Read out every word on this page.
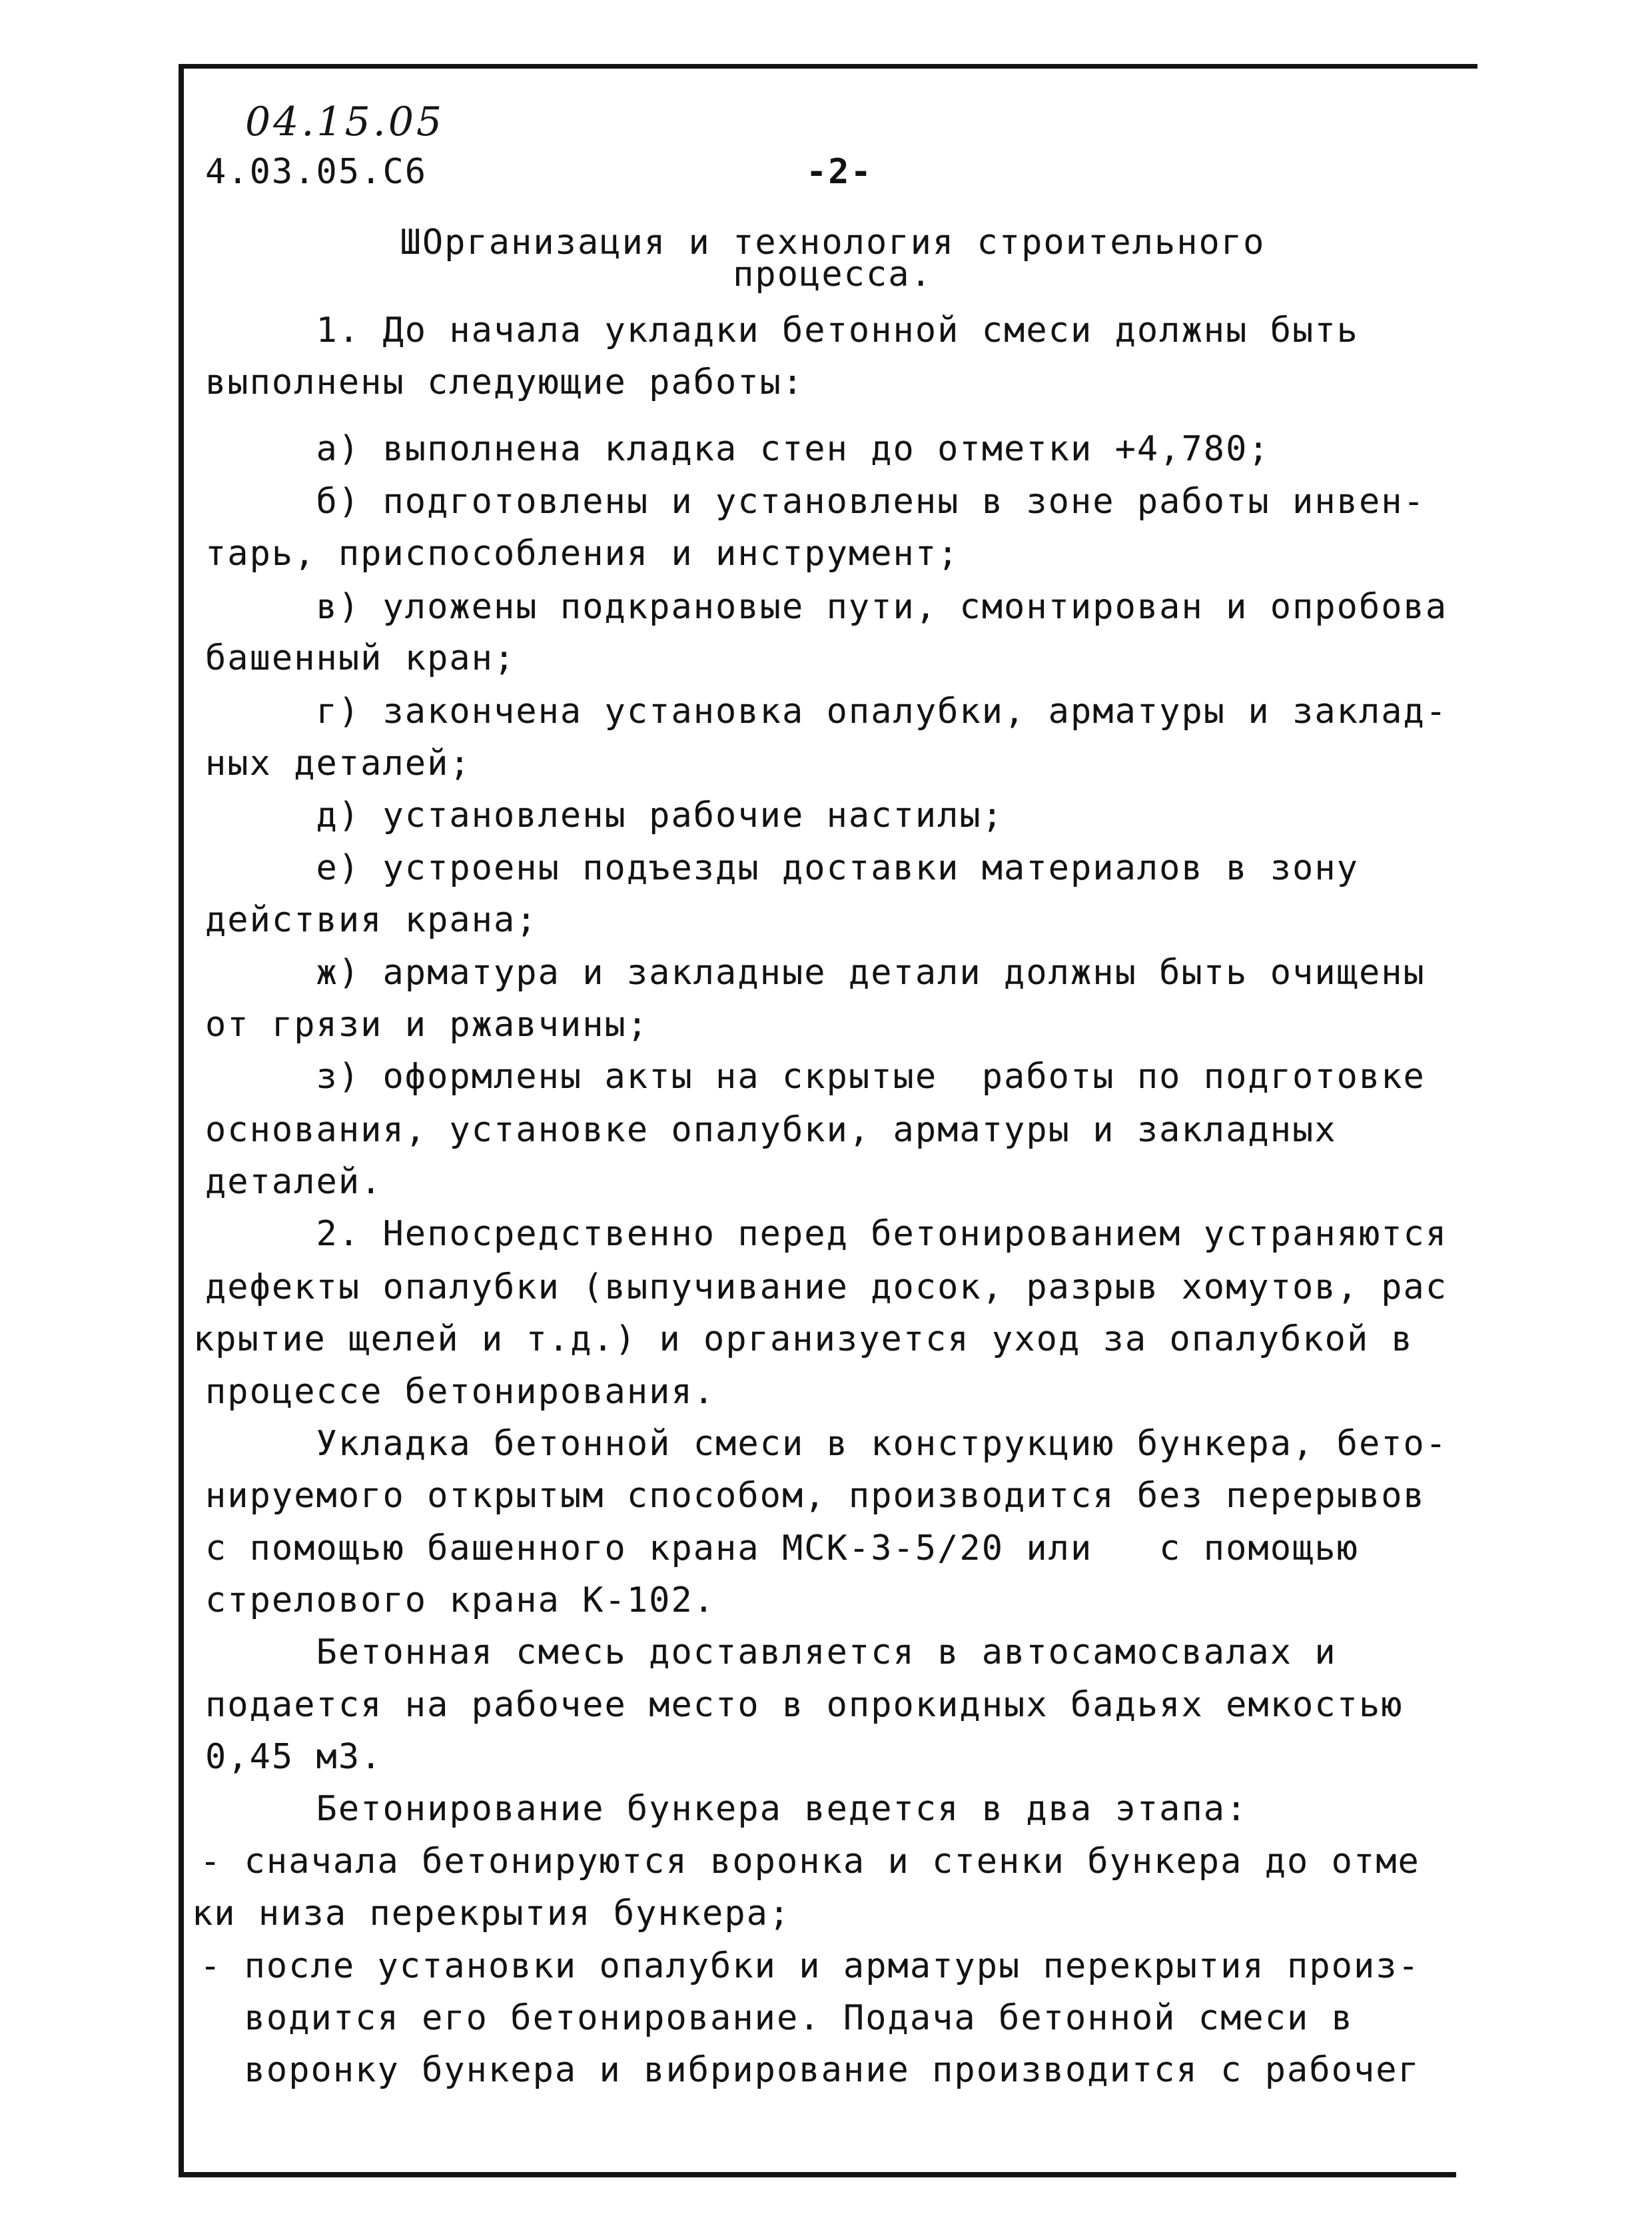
04.15.05
4.03.05.С6	-2-
ШОрганизация и технология строительного
процесса.
1. До начала укладки бетонной смеси должны быть
выполнены следующие работы:
а) выполнена кладка стен до отметки +4,780;
б) подготовлены и установлены в зоне работы инвен-
тарь, приспособления и инструмент;
в) уложены подкрановые пути, смонтирован и опробова
башенный кран;
г) закончена установка опалубки, арматуры и заклад-
ных деталей;
д) установлены рабочие настилы;
е) устроены подъезды доставки материалов в зону
действия крана;
ж) арматура и закладные детали должны быть очищены
от грязи и ржавчины;
з) оформлены акты на скрытые  работы по подготовке
основания, установке опалубки, арматуры и закладных
деталей.
2. Непосредственно перед бетонированием устраняются
дефекты опалубки (выпучивание досок, разрыв хомутов, рас
крытие щелей и т.д.) и организуется уход за опалубкой в
процессе бетонирования.
Укладка бетонной смеси в конструкцию бункера, бето-
нируемого открытым способом, производится без перерывов
с помощью башенного крана МСК-3-5/20 или   с помощью
стрелового крана К-102.
Бетонная смесь доставляется в автосамосвалах и
подается на рабочее место в опрокидных бадьях емкостью
0,45 м3.
Бетонирование бункера ведется в два этапа:
- сначала бетонируются воронка и стенки бункера до отме
ки низа перекрытия бункера;
- после установки опалубки и арматуры перекрытия произ-
водится его бетонирование. Подача бетонной смеси в
воронку бункера и вибрирование производится с рабочег
